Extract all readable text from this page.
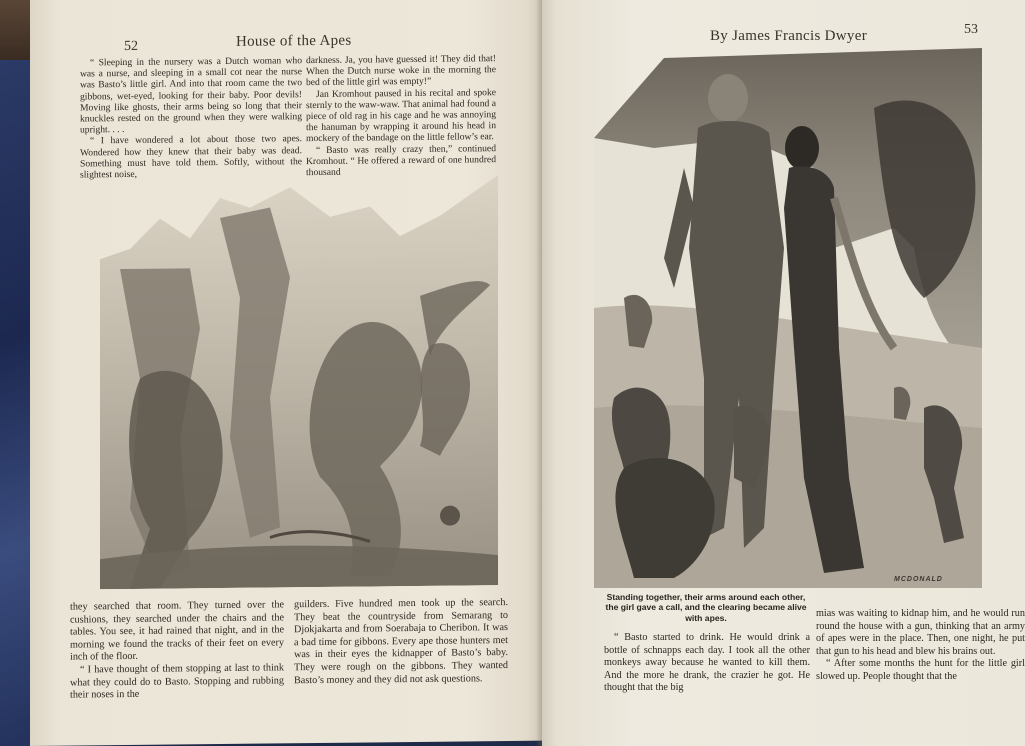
52	House of the Apes

“ Sleeping in the nursery was a Dutch woman who was a nurse, and sleeping in a small cot near the nurse was Basto’s little girl. And into that room came the two gibbons, wet-eyed, looking for their baby. Poor devils! Moving like ghosts, their arms being so long that their knuckles rested on the ground when they were walking upright. . . .

“ I have wondered a lot about those two apes. Wondered how they knew that their baby was dead. Something must have told them. Softly, without the slightest noise,

darkness. Ja, you have guessed it! They did that! When the Dutch nurse woke in the morning the bed of the little girl was empty!”

Jan Kromhout paused in his recital and spoke sternly to the waw-waw. That animal had found a piece of old rag in his cage and he was annoying the hanuman by wrapping it around his head in mockery of the bandage on the little fellow’s ear.

“ Basto was really crazy then,” continued Kromhout. “ He offered a reward of one hundred thousand

they searched that room. They turned over the cushions, they searched under the chairs and the tables. You see, it had rained that night, and in the morning we found the tracks of their feet on every inch of the floor.

“ I have thought of them stopping at last to think what they could do to Basto. Stopping and rubbing their noses in the

guilders. Five hundred men took up the search. They beat the countryside from Semarang to Djokjakarta and from Soerabaja to Cheribon. It was a bad time for gibbons. Every ape those hunters met was in their eyes the kidnapper of Basto’s baby. They were rough on the gibbons. They wanted Basto’s money and they did not ask questions.

By James Francis Dwyer	53
MCDONALD
Standing together, their arms around each other, the girl gave a call, and the clearing became alive with apes.

“ Basto started to drink. He would drink a bottle of schnapps each day. I took all the other monkeys away because he wanted to kill them. And the more he drank, the crazier he got. He thought that the big

mias was waiting to kidnap him, and he would run round the house with a gun, thinking that an army of apes were in the place. Then, one night, he put that gun to his head and blew his brains out.

“ After some months the hunt for the little girl slowed up. People thought that the
